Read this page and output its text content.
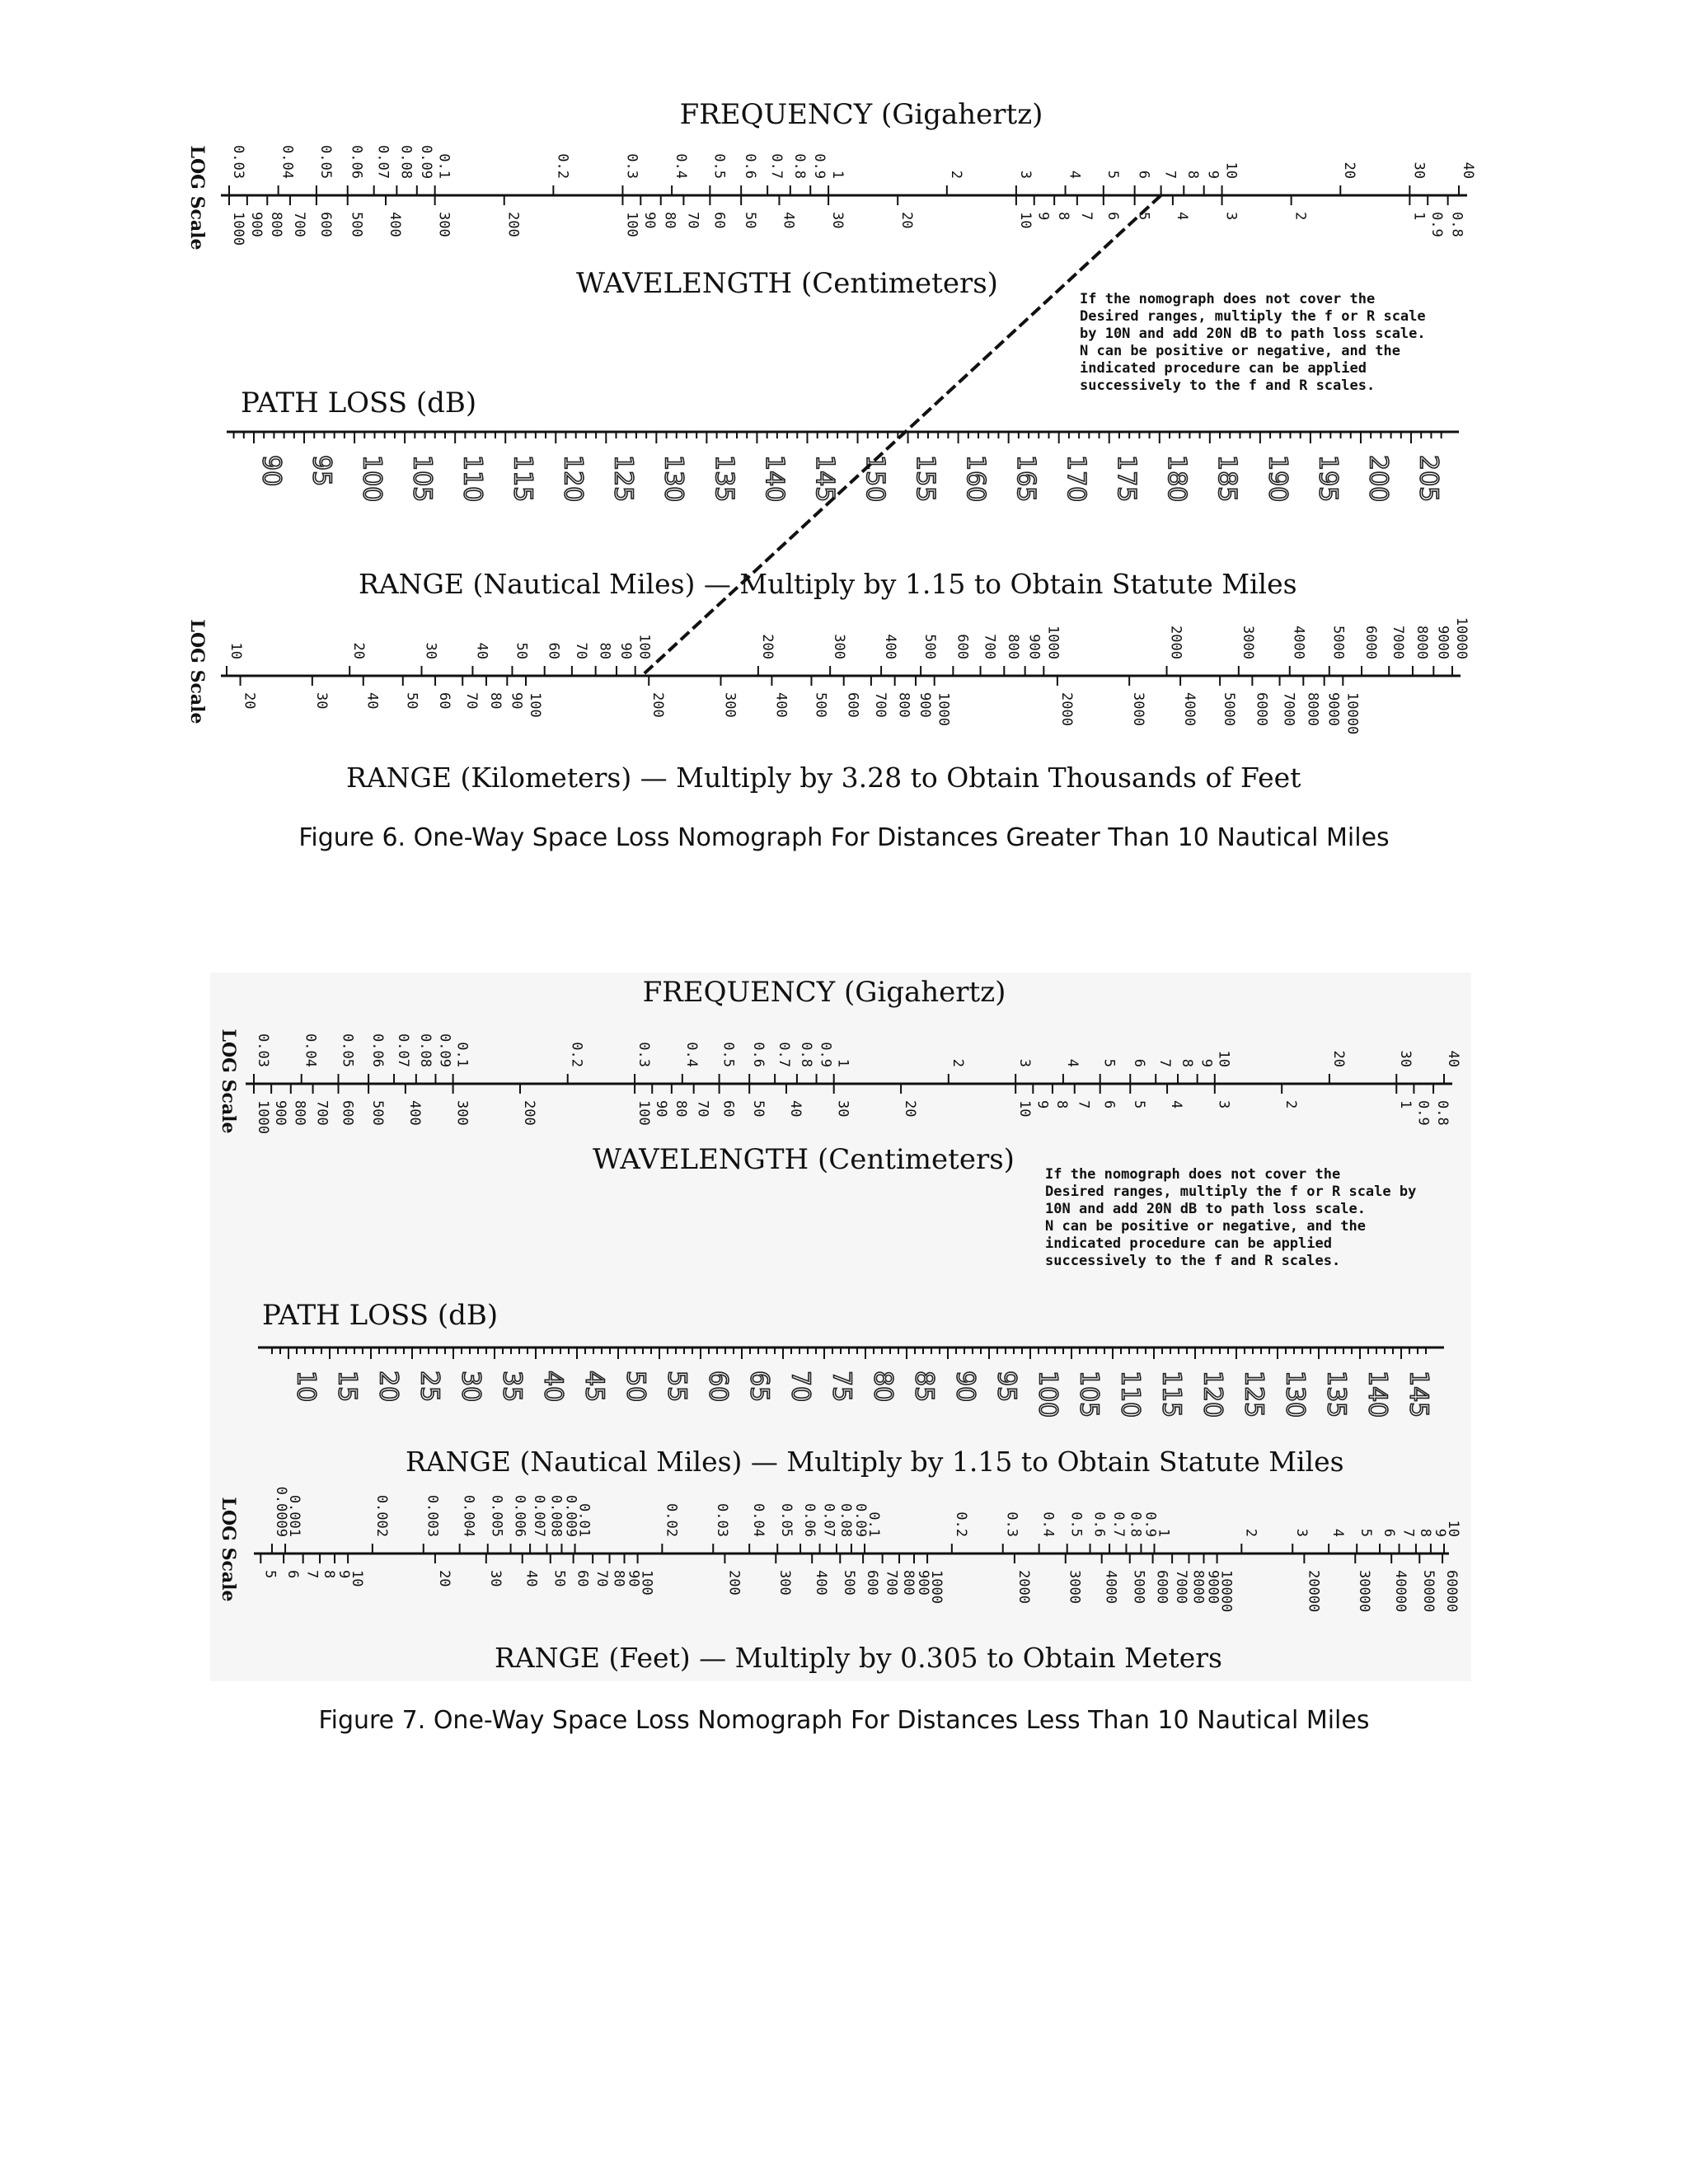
FREQUENCY (Gigahertz)
0.03 0.04 0.05 0.06 0.07 0.08 0.09 0.1	0.2	0.3 0.4 0.5 0.6 0.7 0.8 0.9 1	2	3 4 5 6 7 8 9 10	20	30 40
1000 900 800 700 600 500 400 300	200	100 90 80 70 60 50 40 30	20	10 9 8 7 6 5 4 3	2	1 0.9 0.8
WAVELENGTH (Centimeters)
LOG Scale
LOG Scale
If the nomograph does not cover the
Desired ranges, multiply the f or R scale
by 10N and add 20N dB to path loss scale.
N can be positive or negative, and the
indicated procedure can be applied
successively to the f and R scales.
PATH LOSS (dB)
90 95 100 105 110 115 120 125 130 135 140 145 150 155 160 165 170 175 180 185 190 195 200 205
RANGE (Nautical Miles) — Multiply by 1.15 to Obtain Statute Miles
10	20	30 40 50 60 70 80 90 100	200	300 400 500 600 700 800 900 1000	2000	3000 4000 5000 6000 7000 8000 9000 10000
20	30 40 50 60 70 80 90 100	200	300 400 500 600 700 800 900 1000	2000	3000 4000 5000 6000 7000 8000 9000 10000
RANGE (Kilometers) — Multiply by 3.28 to Obtain Thousands of Feet
Figure 6. One-Way Space Loss Nomograph For Distances Greater Than 10 Nautical Miles
FREQUENCY (Gigahertz)
0.03 0.04 0.05 0.06 0.07 0.08 0.09 0.1	0.2	0.3 0.4 0.5 0.6 0.7 0.8 0.9 1	2	3 4 5 6 7 8 9 10	20	30 40
1000 900 800 700 600 500 400 300	200	100 90 80 70 60 50 40 30	20	10 9 8 7 6 5 4 3	2	1 0.9 0.8
WAVELENGTH (Centimeters)
LOG Scale
LOG Scale
If the nomograph does not cover the
Desired ranges, multiply the f or R scale by
10N and add 20N dB to path loss scale.
N can be positive or negative, and the
indicated procedure can be applied
successively to the f and R scales.
PATH LOSS (dB)
10 15 20 25 30 35 40 45 50 55 60 65 70 75 80 85 90 95 100 105 110 115 120 125 130 135 140 145
RANGE (Nautical Miles) — Multiply by 1.15 to Obtain Statute Miles
0.001
0.0009	0.002 0.003 0.004 0.005 0.006 0.007 0.008
0.009
0.01	0.02 0.03 0.04 0.05 0.06 0.07 0.08
0.09
0.1	0.2 0.3 0.4 0.5 0.6 0.7 0.8
0.9
1	2 3 4 5 6 7 8
9
10
5 6 7 8
9
10	20 30 40 50 60 70 80
90
100	200 300 400 500 600 700 800
900
1000	2000 3000 4000 5000 6000 7000 8000
9000
10000	20000 30000 40000 50000 60000
RANGE (Feet) — Multiply by 0.305 to Obtain Meters
Figure 7. One-Way Space Loss Nomograph For Distances Less Than 10 Nautical Miles
